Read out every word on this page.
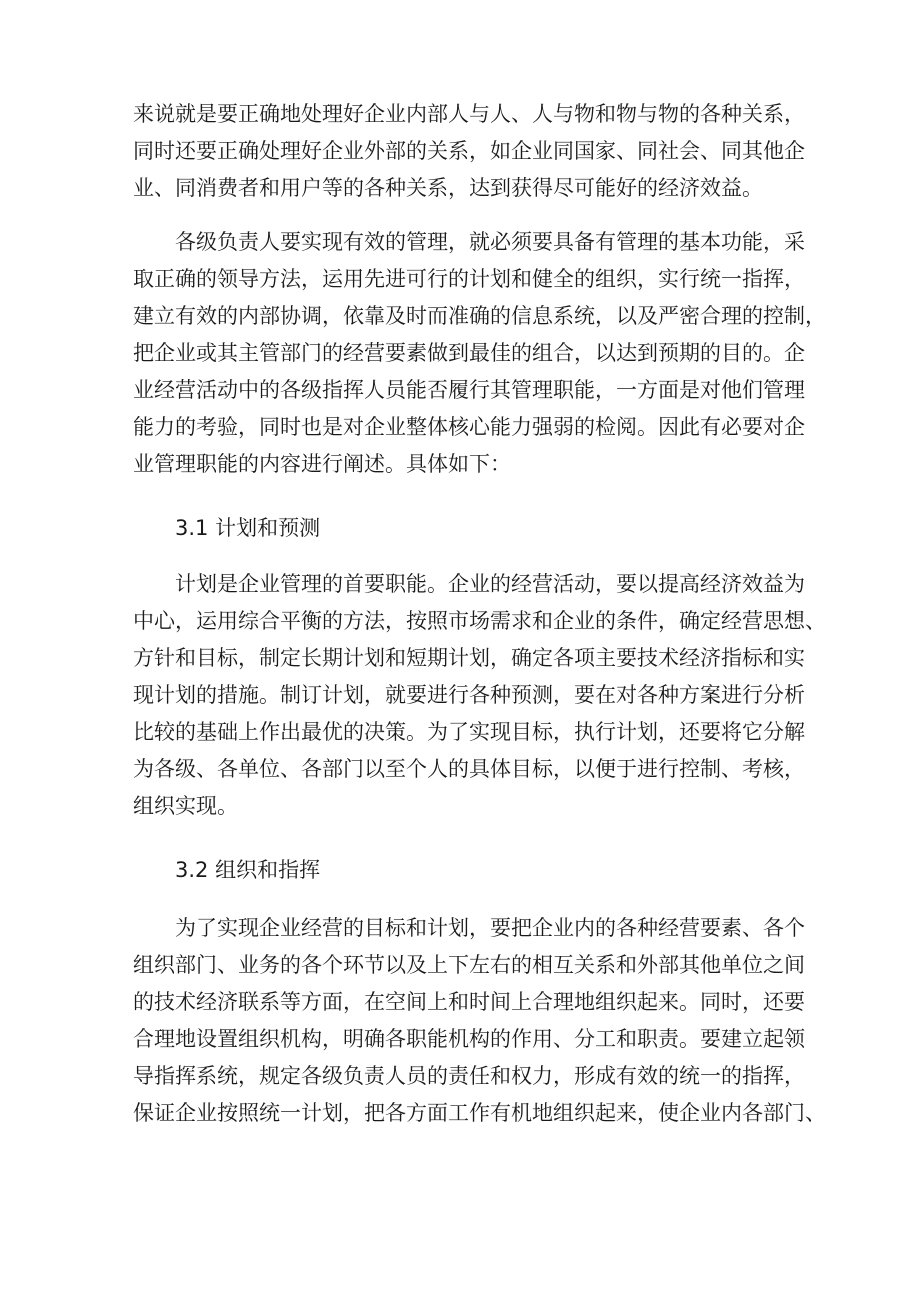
来说就是要正确地处理好企业内部人与人、人与物和物与物的各种关系，
同时还要正确处理好企业外部的关系，如企业同国家、同社会、同其他企
业、同消费者和用户等的各种关系，达到获得尽可能好的经济效益。
各级负责人要实现有效的管理，就必须要具备有管理的基本功能，采
取正确的领导方法，运用先进可行的计划和健全的组织，实行统一指挥，
建立有效的内部协调，依靠及时而准确的信息系统，以及严密合理的控制，
把企业或其主管部门的经营要素做到最佳的组合，以达到预期的目的。企
业经营活动中的各级指挥人员能否履行其管理职能，一方面是对他们管理
能力的考验，同时也是对企业整体核心能力强弱的检阅。因此有必要对企
业管理职能的内容进行阐述。具体如下：
3.1 计划和预测
计划是企业管理的首要职能。企业的经营活动，要以提高经济效益为
中心，运用综合平衡的方法，按照市场需求和企业的条件，确定经营思想、
方针和目标，制定长期计划和短期计划，确定各项主要技术经济指标和实
现计划的措施。制订计划，就要进行各种预测，要在对各种方案进行分析
比较的基础上作出最优的决策。为了实现目标，执行计划，还要将它分解
为各级、各单位、各部门以至个人的具体目标，以便于进行控制、考核，
组织实现。
3.2 组织和指挥
为了实现企业经营的目标和计划，要把企业内的各种经营要素、各个
组织部门、业务的各个环节以及上下左右的相互关系和外部其他单位之间
的技术经济联系等方面，在空间上和时间上合理地组织起来。同时，还要
合理地设置组织机构，明确各职能机构的作用、分工和职责。要建立起领
导指挥系统，规定各级负责人员的责任和权力，形成有效的统一的指挥，
保证企业按照统一计划，把各方面工作有机地组织起来，使企业内各部门、
